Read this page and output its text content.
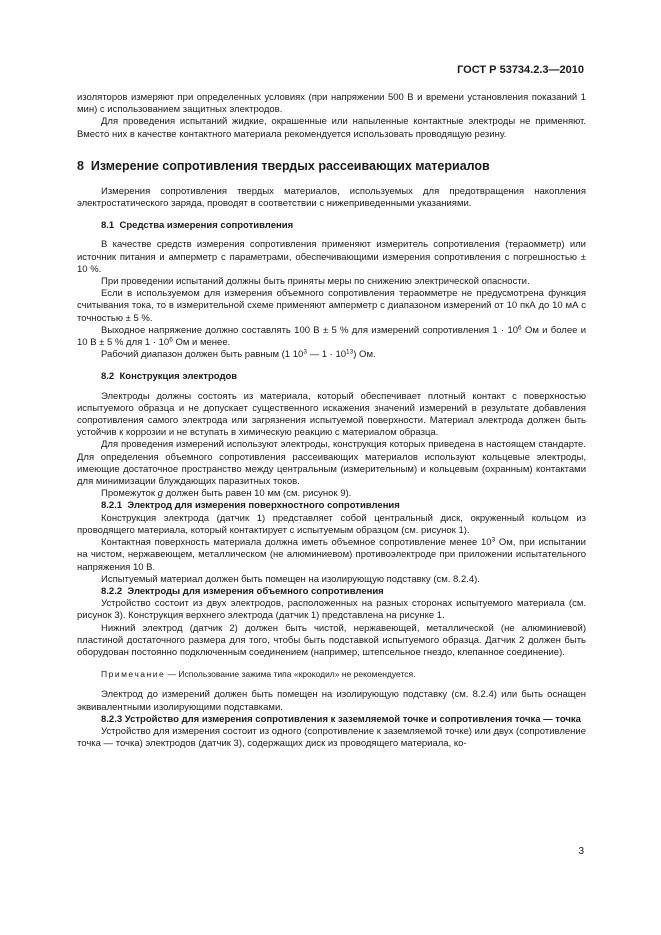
ГОСТ Р 53734.2.3—2010

изоляторов измеряют при определенных условиях (при напряжении 500 В и времени установления показаний 1 мин) с использованием защитных электродов.

Для проведения испытаний жидкие, окрашенные или напыленные контактные электроды не применяют. Вместо них в качестве контактного материала рекомендуется использовать проводящую резину.

8 Измерение сопротивления твердых рассеивающих материалов

Измерения сопротивления твердых материалов, используемых для предотвращения накопления электростатического заряда, проводят в соответствии с нижеприведенными указаниями.

8.1 Средства измерения сопротивления

В качестве средств измерения сопротивления применяют измеритель сопротивления (тераомметр) или источник питания и амперметр с параметрами, обеспечивающими измерения сопротивления с погрешностью ± 10 %.

При проведении испытаний должны быть приняты меры по снижению электрической опасности.

Если в используемом для измерения объемного сопротивления тераомметре не предусмотрена функция считывания тока, то в измерительной схеме применяют амперметр с диапазоном измерений от 10 пкА до 10 мА с точностью ± 5 %.

Выходное напряжение должно составлять 100 В ± 5 % для измерений сопротивления $1 \cdot 10^6$ Ом и более и 10 В ± 5 % для $1 \cdot 10^6$ Ом и менее.

Рабочий диапазон должен быть равным (1 $10^3$ — $1 \cdot 10^{13}$) Ом.

8.2 Конструкция электродов

Электроды должны состоять из материала, который обеспечивает плотный контакт с поверхностью испытуемого образца и не допускает существенного искажения значений измерений в результате добавления сопротивления самого электрода или загрязнения испытуемой поверхности. Материал электрода должен быть устойчив к коррозии и не вступать в химическую реакцию с материалом образца.

Для проведения измерений используют электроды, конструкция которых приведена в настоящем стандарте. Для определения объемного сопротивления рассеивающих материалов используют кольцевые электроды, имеющие достаточное пространство между центральным (измерительным) и кольцевым (охранным) контактами для минимизации блуждающих паразитных токов.

Промежуток g должен быть равен 10 мм (см. рисунок 9).

8.2.1 Электрод для измерения поверхностного сопротивления

Конструкция электрода (датчик 1) представляет собой центральный диск, окруженный кольцом из проводящего материала, который контактирует с испытуемым образцом (см. рисунок 1).

Контактная поверхность материала должна иметь объемное сопротивление менее $10^3$ Ом, при испытании на чистом, нержавеющем, металлическом (не алюминиевом) противоэлектроде при приложении испытательного напряжения 10 В.

Испытуемый материал должен быть помещен на изолирующую подставку (см. 8.2.4).

8.2.2 Электроды для измерения объемного сопротивления

Устройство состоит из двух электродов, расположенных на разных сторонах испытуемого материала (см. рисунок 3). Конструкция верхнего электрода (датчик 1) представлена на рисунке 1.

Нижний электрод (датчик 2) должен быть чистой, нержавеющей, металлической (не алюминиевой) пластиной достаточного размера для того, чтобы быть подставкой испытуемого образца. Датчик 2 должен быть оборудован постоянно подключенным соединением (например, штепсельное гнездо, клепанное соединение).

Примечание — Использование зажима типа «крокодил» не рекомендуется.

Электрод до измерений должен быть помещен на изолирующую подставку (см. 8.2.4) или быть оснащен эквивалентными изолирующими подставками.

8.2.3 Устройство для измерения сопротивления к заземляемой точке и сопротивления точка — точка

Устройство для измерения состоит из одного (сопротивление к заземляемой точке) или двух (сопротивление точка — точка) электродов (датчик 3), содержащих диск из проводящего материала, ко-

3
